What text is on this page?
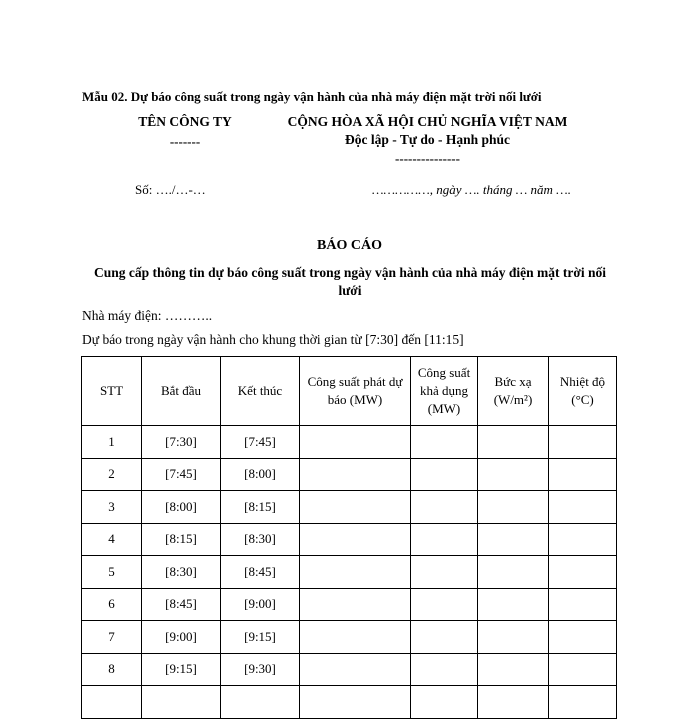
Mẫu 02. Dự báo công suất trong ngày vận hành của nhà máy điện mặt trời nối lưới
TÊN CÔNG TY
-------
CỘNG HÒA XÃ HỘI CHỦ NGHĨA VIỆT NAM
Độc lập - Tự do - Hạnh phúc
---------------
Số: …./…-…	……………, ngày …. tháng … năm ….
BÁO CÁO
Cung cấp thông tin dự báo công suất trong ngày vận hành của nhà máy điện mặt trời nối lưới
Nhà máy điện: ………..
Dự báo trong ngày vận hành cho khung thời gian từ [7:30] đến [11:15]
STT	Bắt đầu	Kết thúc	Công suất phát dự báo (MW)	Công suất khả dụng (MW)	Bức xạ (W/m²)	Nhiệt độ (°C)
1	[7:30]	[7:45]				
2	[7:45]	[8:00]				
3	[8:00]	[8:15]				
4	[8:15]	[8:30]				
5	[8:30]	[8:45]				
6	[8:45]	[9:00]				
7	[9:00]	[9:15]				
8	[9:15]	[9:30]				
